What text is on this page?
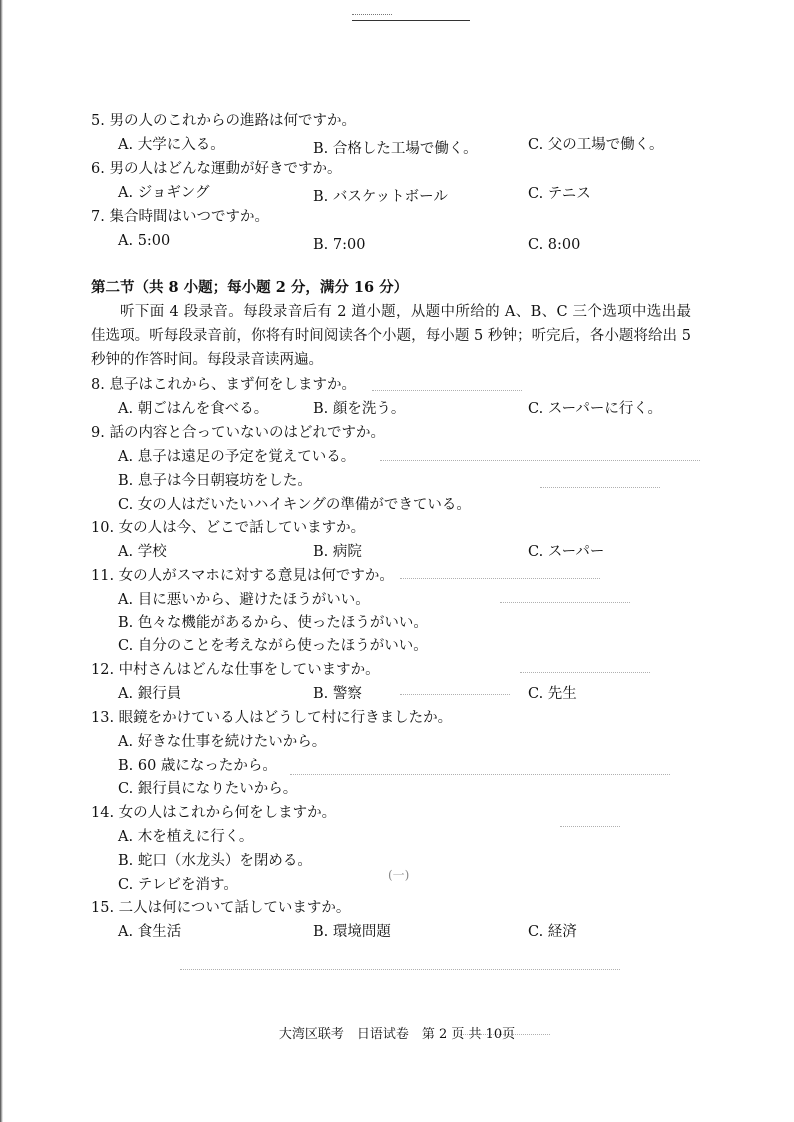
5. 男の人のこれからの進路は何ですか。
A. 大学に入る。	B. 合格した工場で働く。	C. 父の工場で働く。
6. 男の人はどんな運動が好きですか。
A. ジョギング	B. バスケットボール	C. テニス
7. 集合時間はいつですか。
A. 5:00	B. 7:00	C. 8:00
第二节（共 8 小题；每小题 2 分，满分 16 分）
听下面 4 段录音。每段录音后有 2 道小题，从题中所给的 A、B、C 三个选项中选出最佳选项。听每段录音前，你将有时间阅读各个小题，每小题 5 秒钟；听完后，各小题将给出 5 秒钟的作答时间。每段录音读两遍。
8. 息子はこれから、まず何をしますか。
A. 朝ごはんを食べる。	B. 顔を洗う。	C. スーパーに行く。
9. 話の内容と合っていないのはどれですか。
A. 息子は遠足の予定を覚えている。
B. 息子は今日朝寝坊をした。
C. 女の人はだいたいハイキングの準備ができている。
10. 女の人は今、どこで話していますか。
A. 学校	B. 病院	C. スーパー
11. 女の人がスマホに対する意見は何ですか。
A. 目に悪いから、避けたほうがいい。
B. 色々な機能があるから、使ったほうがいい。
C. 自分のことを考えながら使ったほうがいい。
12. 中村さんはどんな仕事をしていますか。
A. 銀行員	B. 警察	C. 先生
13. 眼鏡をかけている人はどうして村に行きましたか。
A. 好きな仕事を続けたいから。
B. 60 歳になったから。
C. 銀行員になりたいから。
14. 女の人はこれから何をしますか。
A. 木を植えに行く。
B. 蛇口（水龙头）を閉める。
C. テレビを消す。
15. 二人は何について話していますか。
A. 食生活	B. 環境問題	C. 経済
(一)
大湾区联考　日语试卷　第 2 页 共 10页
